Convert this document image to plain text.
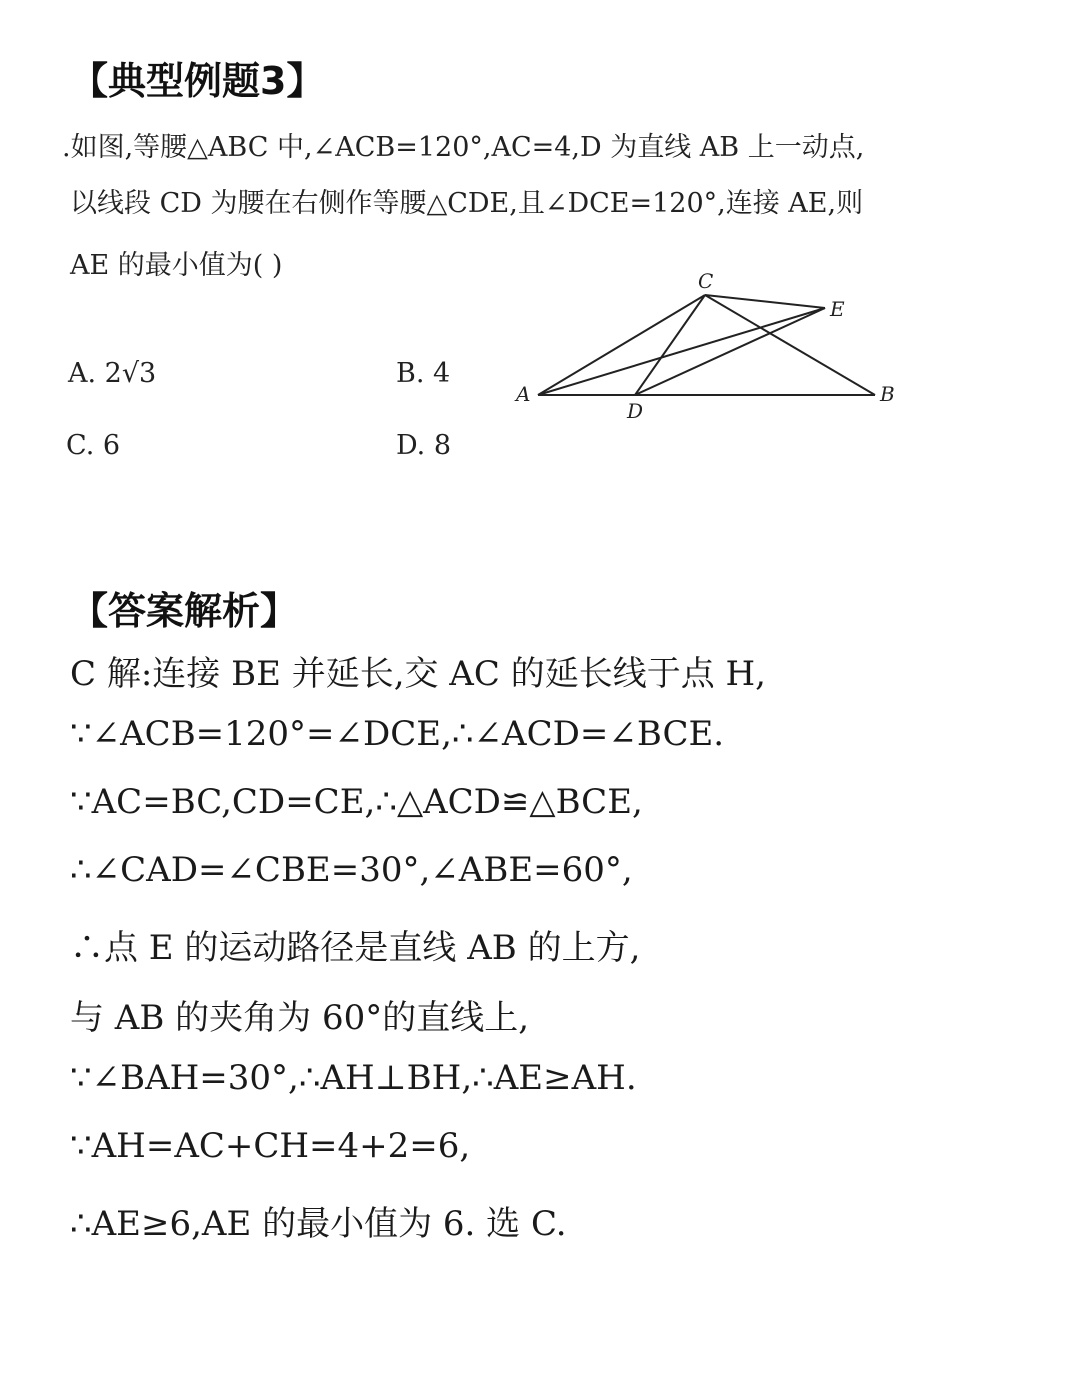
【典型例题3】
.如图,等腰△ABC 中,∠ACB=120°,AC=4,D 为直线 AB 上一动点,
以线段 CD 为腰在右侧作等腰△CDE,且∠DCE=120°,连接 AE,则
AE 的最小值为( )
A. 2√3	B. 4
C. 6	D. 8
A	B
C
D
E
【答案解析】
C 解:连接 BE 并延长,交 AC 的延长线于点 H,
∵∠ACB=120°=∠DCE,∴∠ACD=∠BCE.
∵AC=BC,CD=CE,∴△ACD≌△BCE,
∴∠CAD=∠CBE=30°,∠ABE=60°,
∴点 E 的运动路径是直线 AB 的上方,
与 AB 的夹角为 60°的直线上,
∵∠BAH=30°,∴AH⊥BH,∴AE≥AH.
∵AH=AC+CH=4+2=6,
∴AE≥6,AE 的最小值为 6. 选 C.
